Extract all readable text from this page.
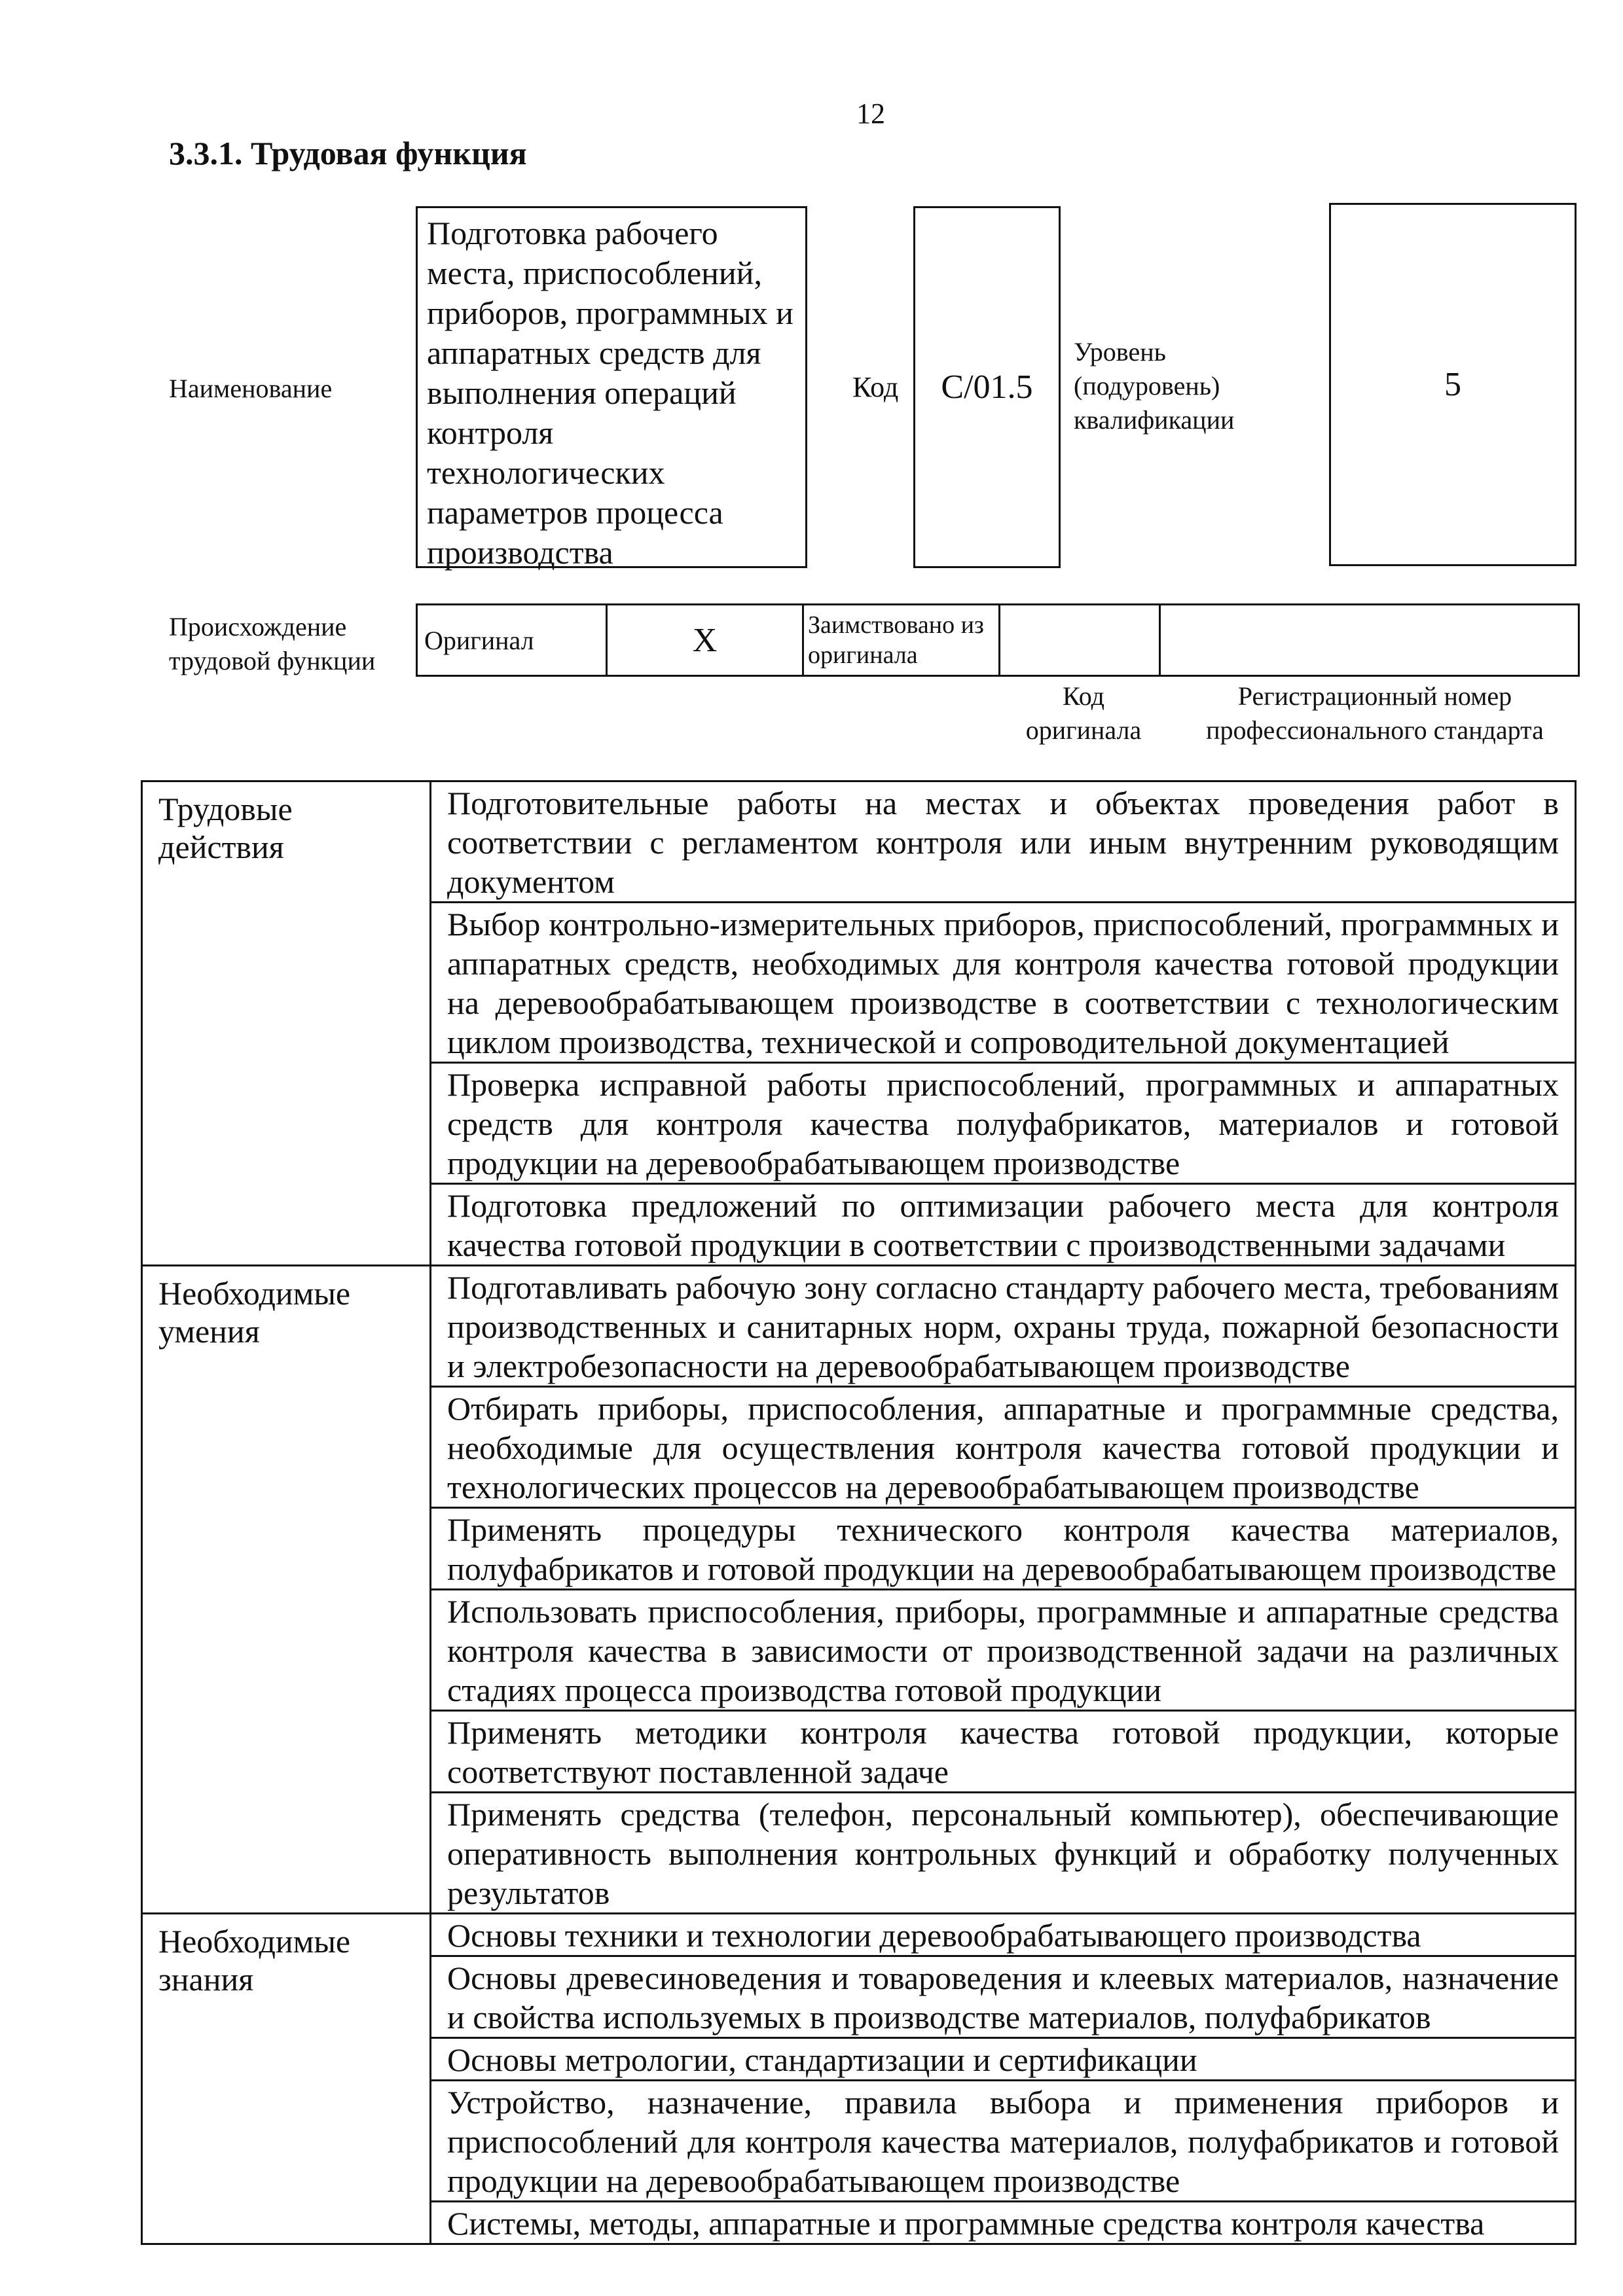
12
3.3.1. Трудовая функция
Наименование
Подготовка рабочего места, приспособлений, приборов, программных и аппаратных средств для выполнения операций контроля технологических параметров процесса производства
Код C/01.5
Уровень (подуровень) квалификации
5
Происхождение трудовой функции
Оригинал	X	Заимствовано из оригинала		
Код оригинала
Регистрационный номер профессионального стандарта
Трудовые действия	Подготовительные работы на местах и объектах проведения работ в соответствии с регламентом контроля или иным внутренним руководящим документом
	Выбор контрольно-измерительных приборов, приспособлений, программных и аппаратных средств, необходимых для контроля качества готовой продукции на деревообрабатывающем производстве в соответствии с технологическим циклом производства, технической и сопроводительной документацией
	Проверка исправной работы приспособлений, программных и аппаратных средств для контроля качества полуфабрикатов, материалов и готовой продукции на деревообрабатывающем производстве
	Подготовка предложений по оптимизации рабочего места для контроля качества готовой продукции в соответствии с производственными задачами
Необходимые умения	Подготавливать рабочую зону согласно стандарту рабочего места, требованиям производственных и санитарных норм, охраны труда, пожарной безопасности и электробезопасности на деревообрабатывающем производстве
	Отбирать приборы, приспособления, аппаратные и программные средства, необходимые для осуществления контроля качества готовой продукции и технологических процессов на деревообрабатывающем производстве
	Применять процедуры технического контроля качества материалов, полуфабрикатов и готовой продукции на деревообрабатывающем производстве
	Использовать приспособления, приборы, программные и аппаратные средства контроля качества в зависимости от производственной задачи на различных стадиях процесса производства готовой продукции
	Применять методики контроля качества готовой продукции, которые соответствуют поставленной задаче
	Применять средства (телефон, персональный компьютер), обеспечивающие оперативность выполнения контрольных функций и обработку полученных результатов
Необходимые знания	Основы техники и технологии деревообрабатывающего производства
	Основы древесиноведения и товароведения и клеевых материалов, назначение и свойства используемых в производстве материалов, полуфабрикатов
	Основы метрологии, стандартизации и сертификации
	Устройство, назначение, правила выбора и применения приборов и приспособлений для контроля качества материалов, полуфабрикатов и готовой продукции на деревообрабатывающем производстве
	Системы, методы, аппаратные и программные средства контроля качества
